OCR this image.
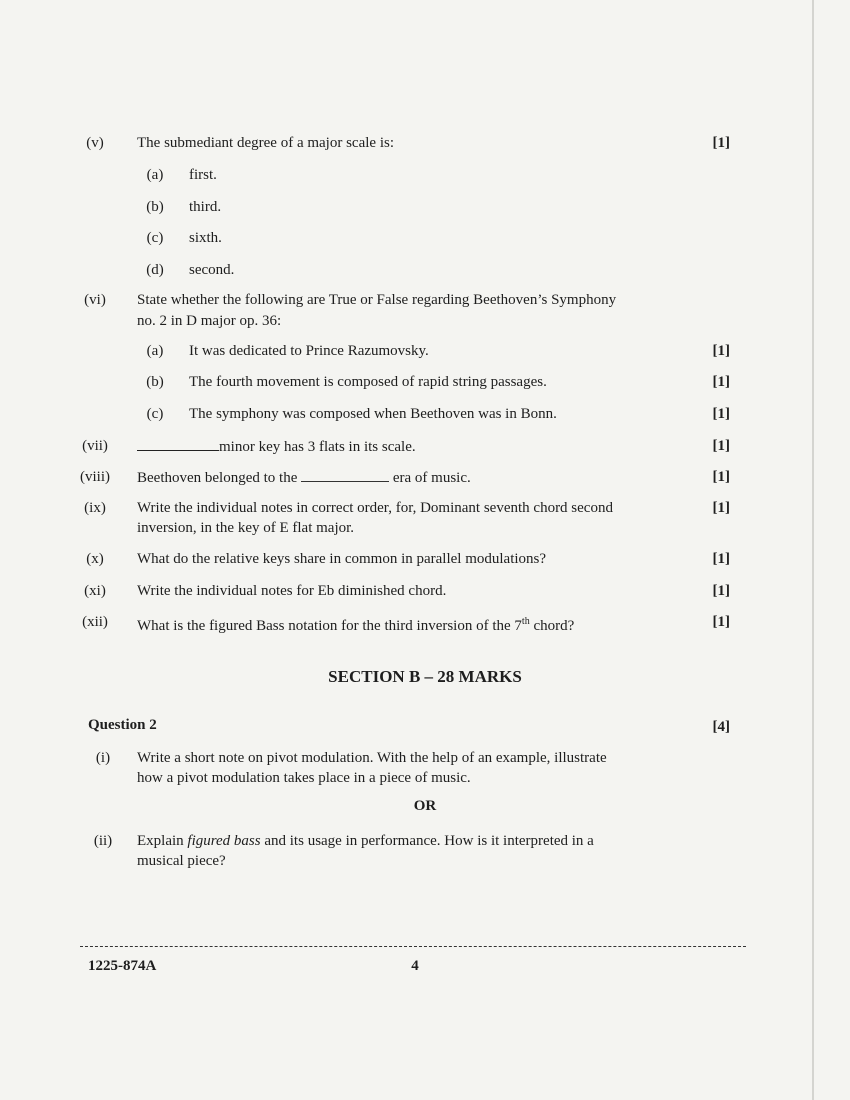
(v)	The submediant degree of a major scale is:	[1]
(a)	first.
(b)	third.
(c)	sixth.
(d)	second.
(vi)	State whether the following are True or False regarding Beethoven’s Symphony
no. 2 in D major op. 36:
(a)	It was dedicated to Prince Razumovsky.	[1]
(b)	The fourth movement is composed of rapid string passages.	[1]
(c)	The symphony was composed when Beethoven was in Bonn.	[1]
(vii)	minor key has 3 flats in its scale.	[1]
(viii)	Beethoven belonged to the	era of music.	[1]
(ix)	Write the individual notes in correct order, for, Dominant seventh chord second	[1]
inversion, in the key of E flat major.
(x)	What do the relative keys share in common in parallel modulations?	[1]
(xi)	Write the individual notes for Eb diminished chord.	[1]
(xii)	What is the figured Bass notation for the third inversion of the 7th chord?	[1]
SECTION B – 28 MARKS
Question 2	[4]
(i)	Write a short note on pivot modulation. With the help of an example, illustrate
how a pivot modulation takes place in a piece of music.
OR
(ii)	Explain figured bass and its usage in performance. How is it interpreted in a
musical piece?
1225-874A	4
